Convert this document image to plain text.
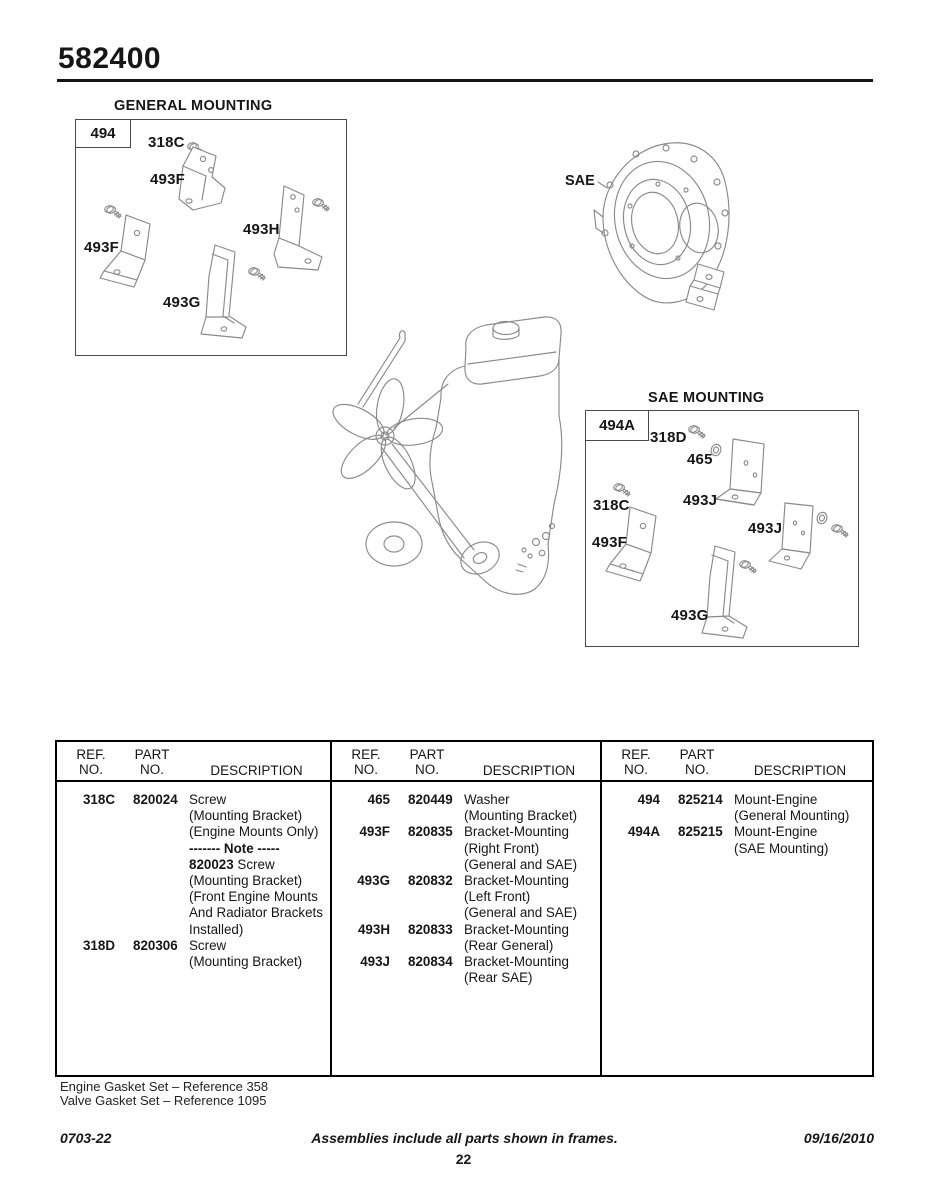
582400
GENERAL MOUNTING
494
318C
493F
493H
493F
493G
SAE
SAE MOUNTING
494A
318D
465
493J
318C
493F
493J
493G
REF.
NO.
PART
NO.	DESCRIPTION
318C	820024 Screw
(Mounting Bracket)
(Engine Mounts Only)
------- Note -----
820023 Screw
(Mounting Bracket)
(Front Engine Mounts
And Radiator Brackets
Installed)
318D	820306 Screw
(Mounting Bracket)
REF.
NO.
PART
NO.	DESCRIPTION
465	820449 Washer
(Mounting Bracket)
493F	820835 Bracket-Mounting
(Right Front)
(General and SAE)
493G	820832 Bracket-Mounting
(Left Front)
(General and SAE)
493H	820833 Bracket-Mounting
(Rear General)
493J	820834 Bracket-Mounting
(Rear SAE)
REF.
NO.
PART
NO.	DESCRIPTION
494	825214 Mount-Engine
(General Mounting)
494A	825215 Mount-Engine
(SAE Mounting)
Engine Gasket Set – Reference 358
Valve Gasket Set – Reference 1095
0703-22	Assemblies include all parts shown in frames.	09/16/2010
22
